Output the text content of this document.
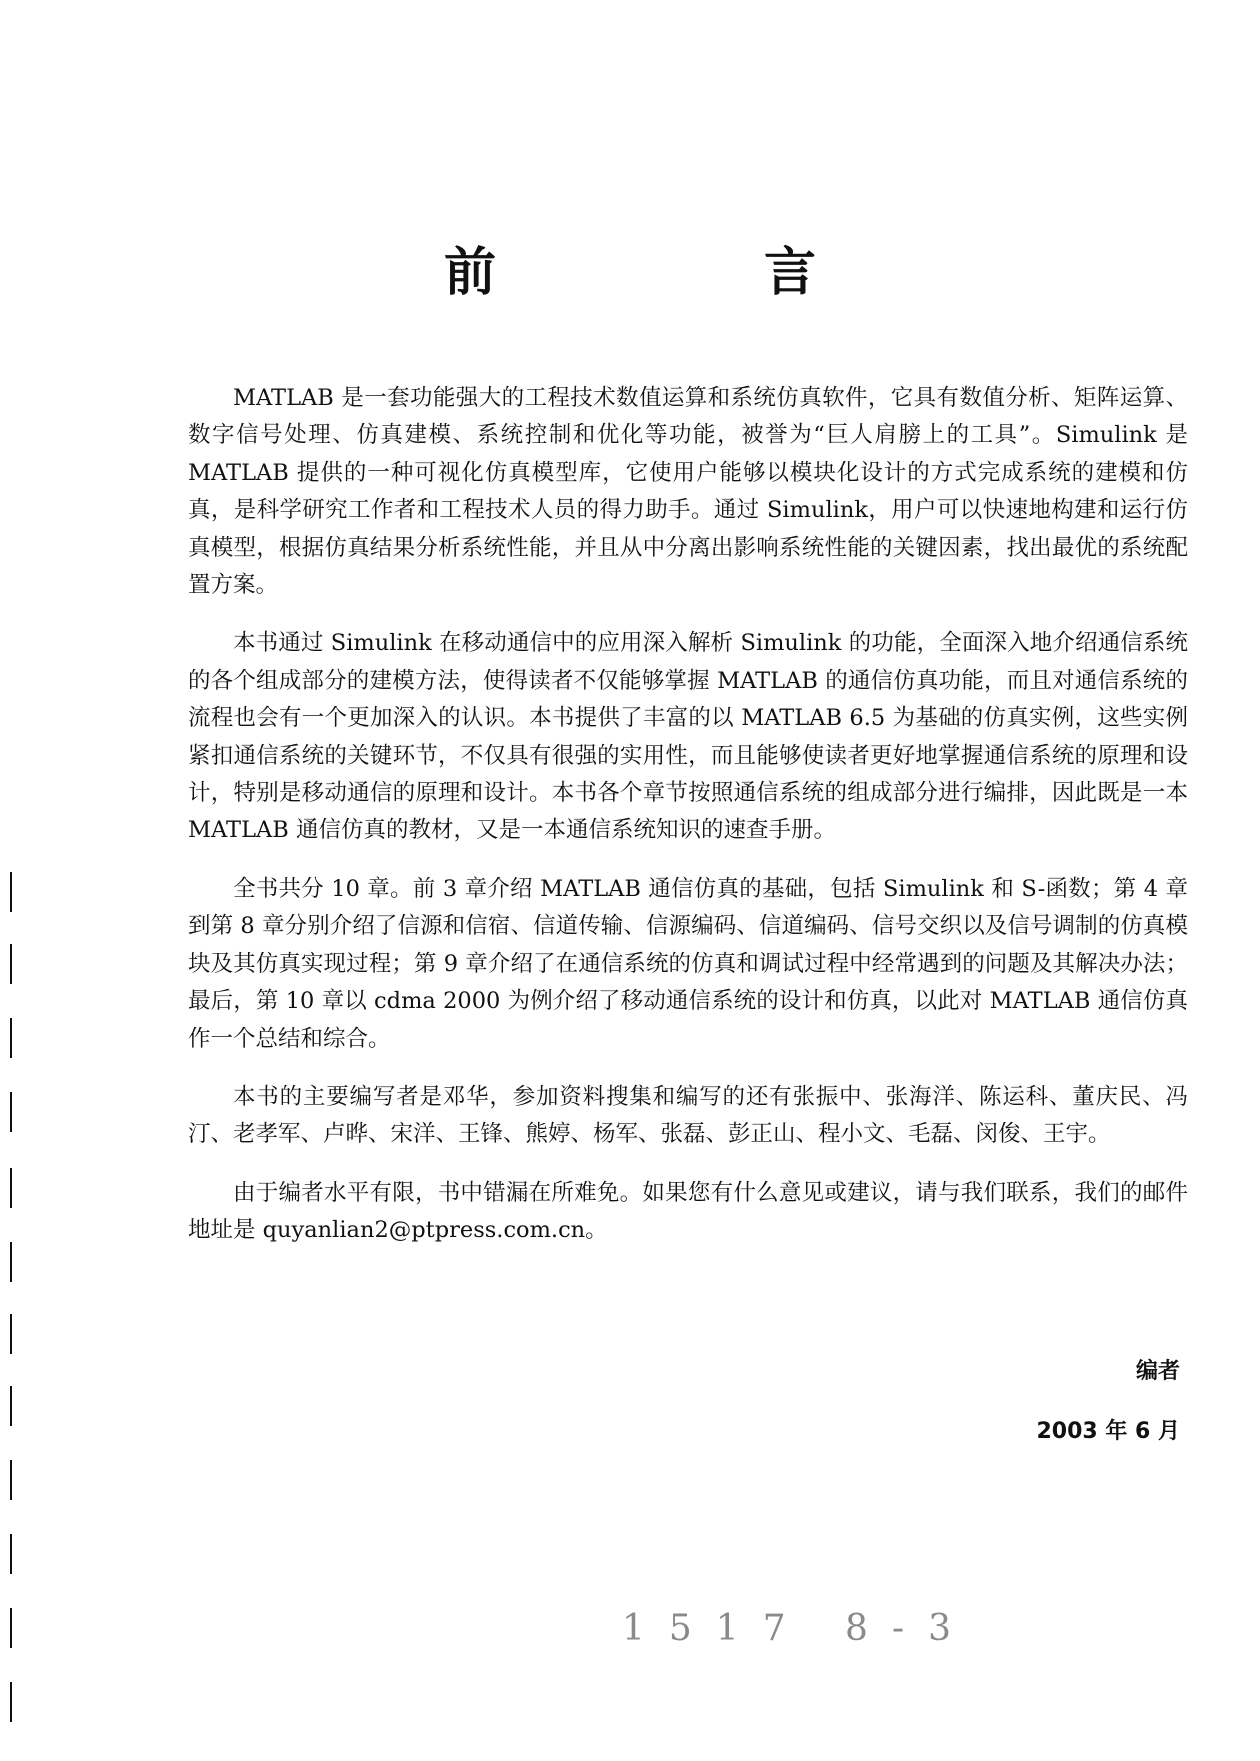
前　言

MATLAB 是一套功能强大的工程技术数值运算和系统仿真软件，它具有数值分析、矩阵运算、数字信号处理、仿真建模、系统控制和优化等功能，被誉为“巨人肩膀上的工具”。Simulink 是 MATLAB 提供的一种可视化仿真模型库，它使用户能够以模块化设计的方式完成系统的建模和仿真，是科学研究工作者和工程技术人员的得力助手。通过 Simulink，用户可以快速地构建和运行仿真模型，根据仿真结果分析系统性能，并且从中分离出影响系统性能的关键因素，找出最优的系统配置方案。

本书通过 Simulink 在移动通信中的应用深入解析 Simulink 的功能，全面深入地介绍通信系统的各个组成部分的建模方法，使得读者不仅能够掌握 MATLAB 的通信仿真功能，而且对通信系统的流程也会有一个更加深入的认识。本书提供了丰富的以 MATLAB 6.5 为基础的仿真实例，这些实例紧扣通信系统的关键环节，不仅具有很强的实用性，而且能够使读者更好地掌握通信系统的原理和设计，特别是移动通信的原理和设计。本书各个章节按照通信系统的组成部分进行编排，因此既是一本 MATLAB 通信仿真的教材，又是一本通信系统知识的速查手册。

全书共分 10 章。前 3 章介绍 MATLAB 通信仿真的基础，包括 Simulink 和 S-函数；第 4 章到第 8 章分别介绍了信源和信宿、信道传输、信源编码、信道编码、信号交织以及信号调制的仿真模块及其仿真实现过程；第 9 章介绍了在通信系统的仿真和调试过程中经常遇到的问题及其解决办法；最后，第 10 章以 cdma 2000 为例介绍了移动通信系统的设计和仿真，以此对 MATLAB 通信仿真作一个总结和综合。

本书的主要编写者是邓华，参加资料搜集和编写的还有张振中、张海洋、陈运科、董庆民、冯汀、老孝军、卢晔、宋洋、王锋、熊婷、杨军、张磊、彭正山、程小文、毛磊、闵俊、王宇。

由于编者水平有限，书中错漏在所难免。如果您有什么意见或建议，请与我们联系，我们的邮件地址是 quyanlian2@ptpress.com.cn。

编者
2003 年 6 月
1517 8-3
